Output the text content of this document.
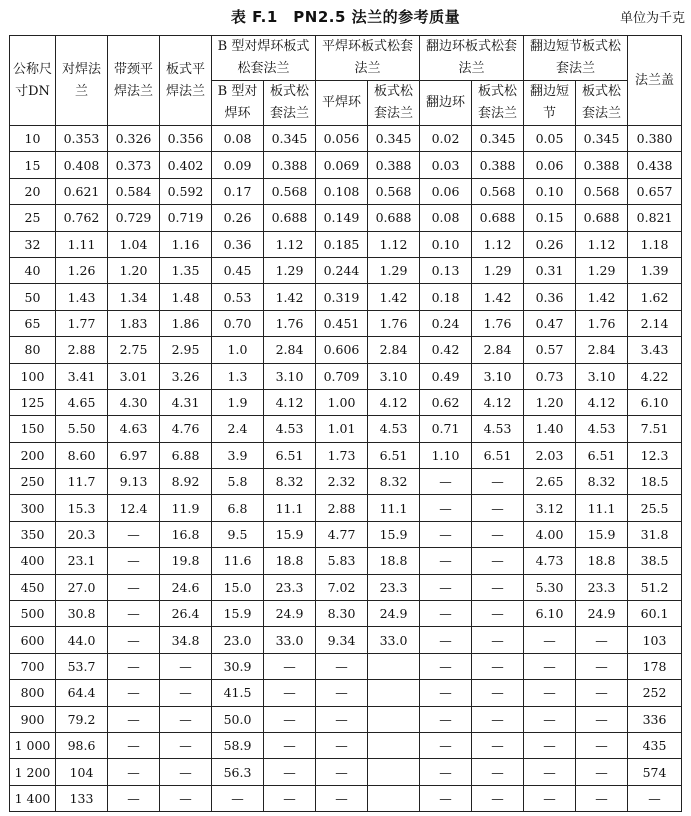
表 F.1　PN2.5 法兰的参考质量	单位为千克
公称尺寸DN	对焊法兰	带颈平焊法兰	板式平焊法兰	B 型对焊环板式松套法兰		平焊环板式松套法兰		翻边环板式松套法兰		翻边短节板式松套法兰		法兰盖
				B 型对焊环	板式松套法兰	平焊环	板式松套法兰	翻边环	板式松套法兰	翻边短节	板式松套法兰	
10	0.353	0.326	0.356	0.08	0.345	0.056	0.345	0.02	0.345	0.05	0.345	0.380
15	0.408	0.373	0.402	0.09	0.388	0.069	0.388	0.03	0.388	0.06	0.388	0.438
20	0.621	0.584	0.592	0.17	0.568	0.108	0.568	0.06	0.568	0.10	0.568	0.657
25	0.762	0.729	0.719	0.26	0.688	0.149	0.688	0.08	0.688	0.15	0.688	0.821
32	1.11	1.04	1.16	0.36	1.12	0.185	1.12	0.10	1.12	0.26	1.12	1.18
40	1.26	1.20	1.35	0.45	1.29	0.244	1.29	0.13	1.29	0.31	1.29	1.39
50	1.43	1.34	1.48	0.53	1.42	0.319	1.42	0.18	1.42	0.36	1.42	1.62
65	1.77	1.83	1.86	0.70	1.76	0.451	1.76	0.24	1.76	0.47	1.76	2.14
80	2.88	2.75	2.95	1.0	2.84	0.606	2.84	0.42	2.84	0.57	2.84	3.43
100	3.41	3.01	3.26	1.3	3.10	0.709	3.10	0.49	3.10	0.73	3.10	4.22
125	4.65	4.30	4.31	1.9	4.12	1.00	4.12	0.62	4.12	1.20	4.12	6.10
150	5.50	4.63	4.76	2.4	4.53	1.01	4.53	0.71	4.53	1.40	4.53	7.51
200	8.60	6.97	6.88	3.9	6.51	1.73	6.51	1.10	6.51	2.03	6.51	12.3
250	11.7	9.13	8.92	5.8	8.32	2.32	8.32	—	—	2.65	8.32	18.5
300	15.3	12.4	11.9	6.8	11.1	2.88	11.1	—	—	3.12	11.1	25.5
350	20.3	—	16.8	9.5	15.9	4.77	15.9	—	—	4.00	15.9	31.8
400	23.1	—	19.8	11.6	18.8	5.83	18.8	—	—	4.73	18.8	38.5
450	27.0	—	24.6	15.0	23.3	7.02	23.3	—	—	5.30	23.3	51.2
500	30.8	—	26.4	15.9	24.9	8.30	24.9	—	—	6.10	24.9	60.1
600	44.0	—	34.8	23.0	33.0	9.34	33.0	—	—	—	—	103
700	53.7	—	—	30.9	—	—		—	—	—	—	178
800	64.4	—	—	41.5	—	—		—	—	—	—	252
900	79.2	—	—	50.0	—	—		—	—	—	—	336
1 000	98.6	—	—	58.9	—	—		—	—	—	—	435
1 200	104	—	—	56.3	—	—		—	—	—	—	574
1 400	133	—	—	—	—	—		—	—	—	—	—
